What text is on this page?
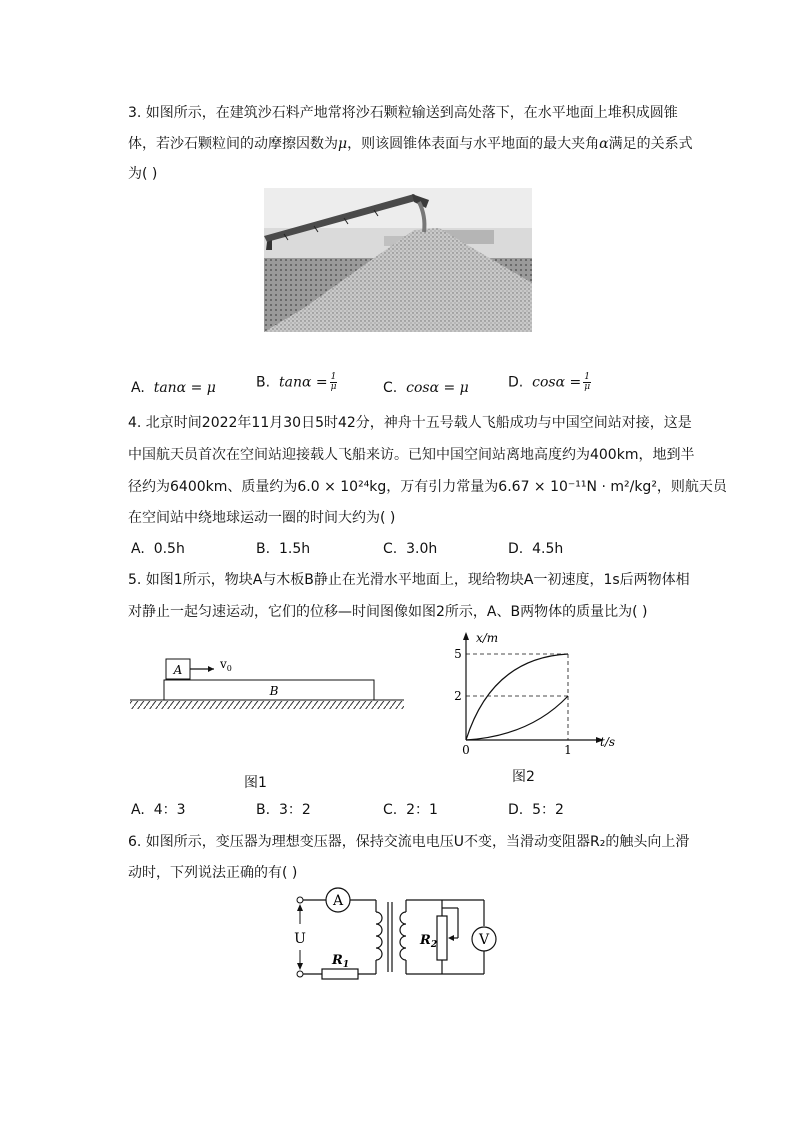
3. 如图所示，在建筑沙石料产地常将沙石颗粒输送到高处落下，在水平地面上堆积成圆锥
体，若沙石颗粒间的动摩擦因数为μ，则该圆锥体表面与水平地面的最大夹角α满足的关系式
为( )
A. tanα = μ	B. $\tan\alpha = \frac{1}{\mu}$	C. cosα = μ	D. $\cos\alpha = \frac{1}{\mu}$
4. 北京时间2022年11月30日5时42分，神舟十五号载人飞船成功与中国空间站对接，这是
中国航天员首次在空间站迎接载人飞船来访。已知中国空间站离地高度约为400km，地到半
径约为6400km、质量约为6.0 × 10²⁴kg，万有引力常量为6.67 × 10⁻¹¹N · m²/kg²，则航天员
在空间站中绕地球运动一圈的时间大约为( )
A. 0.5h	B. 1.5h	C. 3.0h	D. 4.5h
5. 如图1所示，物块A与木板B静止在光滑水平地面上，现给物块A一初速度，1s后两物体相
对静止一起匀速运动，它们的位移—时间图像如图2所示，A、B两物体的质量比为( )
A	$v_0$
B
图1
x/m
t/s
5
2
0	1
图2
A. 4：3	B. 3：2	C. 2：1	D. 5：2
6. 如图所示，变压器为理想变压器，保持交流电电压U不变，当滑动变阻器R₂的触头向上滑
动时，下列说法正确的有( )
A
$R_1$
U	$R_2$	V
